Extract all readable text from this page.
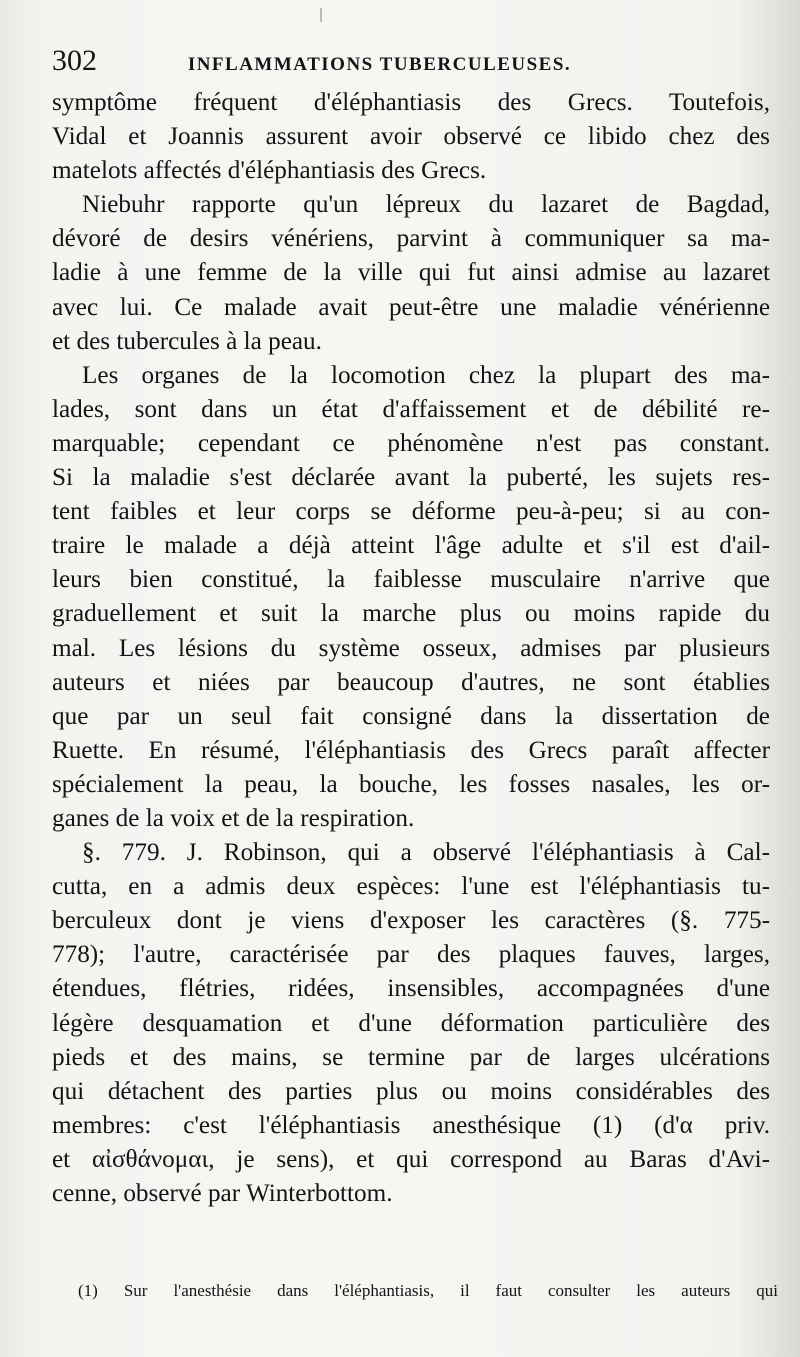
302	INFLAMMATIONS TUBERCULEUSES.
symptôme fréquent d'éléphantiasis des Grecs. Toutefois,
Vidal et Joannis assurent avoir observé ce libido chez des
matelots affectés d'éléphantiasis des Grecs.
Niebuhr rapporte qu'un lépreux du lazaret de Bagdad,
dévoré de desirs vénériens, parvint à communiquer sa ma-
ladie à une femme de la ville qui fut ainsi admise au lazaret
avec lui. Ce malade avait peut-être une maladie vénérienne
et des tubercules à la peau.
Les organes de la locomotion chez la plupart des ma-
lades, sont dans un état d'affaissement et de débilité re-
marquable; cependant ce phénomène n'est pas constant.
Si la maladie s'est déclarée avant la puberté, les sujets res-
tent faibles et leur corps se déforme peu-à-peu; si au con-
traire le malade a déjà atteint l'âge adulte et s'il est d'ail-
leurs bien constitué, la faiblesse musculaire n'arrive que
graduellement et suit la marche plus ou moins rapide du
mal. Les lésions du système osseux, admises par plusieurs
auteurs et niées par beaucoup d'autres, ne sont établies
que par un seul fait consigné dans la dissertation de
Ruette. En résumé, l'éléphantiasis des Grecs paraît affecter
spécialement la peau, la bouche, les fosses nasales, les or-
ganes de la voix et de la respiration.
§. 779. J. Robinson, qui a observé l'éléphantiasis à Cal-
cutta, en a admis deux espèces: l'une est l'éléphantiasis tu-
berculeux dont je viens d'exposer les caractères (§. 775-
778); l'autre, caractérisée par des plaques fauves, larges,
étendues, flétries, ridées, insensibles, accompagnées d'une
légère desquamation et d'une déformation particulière des
pieds et des mains, se termine par de larges ulcérations
qui détachent des parties plus ou moins considérables des
membres: c'est l'éléphantiasis anesthésique (1) (d'α priv.
et αἰσθάνομαι, je sens), et qui correspond au Baras d'Avi-
cenne, observé par Winterbottom.
(1) Sur l'anesthésie dans l'éléphantiasis, il faut consulter les auteurs qui
